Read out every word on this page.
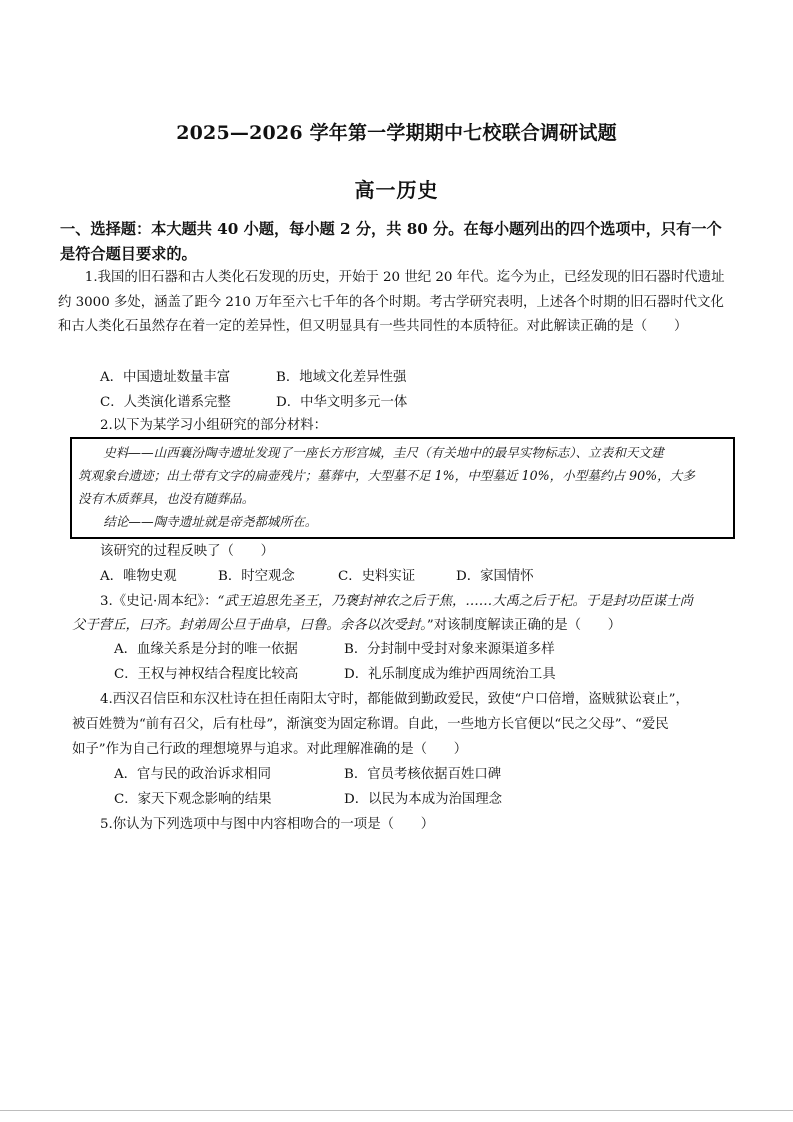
2025—2026 学年第一学期期中七校联合调研试题
高一历史
一、选择题：本大题共 40 小题，每小题 2 分，共 80 分。在每小题列出的四个选项中，只有一个是符合题目要求的。
1.我国的旧石器和古人类化石发现的历史，开始于 20 世纪 20 年代。迄今为止，已经发现的旧石器时代遗址约 3000 多处，涵盖了距今 210 万年至六七千年的各个时期。考古学研究表明，上述各个时期的旧石器时代文化和古人类化石虽然存在着一定的差异性，但又明显具有一些共同性的本质特征。对此解读正确的是（　　）
A．中国遗址数量丰富	B．地域文化差异性强
C．人类演化谱系完整	D．中华文明多元一体
2.以下为某学习小组研究的部分材料：
史料——山西襄汾陶寺遗址发现了一座长方形宫城，圭尺（有关地中的最早实物标志）、立表和天文建
筑观象台遗迹；出土带有文字的扁壶残片；墓葬中，大型墓不足 1%，中型墓近 10%，小型墓约占 90%，大多
没有木质葬具，也没有随葬品。
结论——陶寺遗址就是帝尧都城所在。
该研究的过程反映了（　　）
A．唯物史观	B．时空观念	C．史料实证	D．家国情怀
3.《史记·周本纪》：“武王追思先圣王，乃褒封神农之后于焦，……大禹之后于杞。于是封功臣谋士尚
父于营丘，曰齐。封弟周公旦于曲阜，曰鲁。余各以次受封。”对该制度解读正确的是（　　）
A．血缘关系是分封的唯一依据	B．分封制中受封对象来源渠道多样
C．王权与神权结合程度比较高	D．礼乐制度成为维护西周统治工具
4.西汉召信臣和东汉杜诗在担任南阳太守时，都能做到勤政爱民，致使“户口倍增，盗贼狱讼衰止”，
被百姓赞为“前有召父，后有杜母”，渐演变为固定称谓。自此，一些地方长官便以“民之父母”、“爱民
如子”作为自己行政的理想境界与追求。对此理解准确的是（　　）
A．官与民的政治诉求相同	B．官员考核依据百姓口碑
C．家天下观念影响的结果	D．以民为本成为治国理念
5.你认为下列选项中与图中内容相吻合的一项是（　　）
